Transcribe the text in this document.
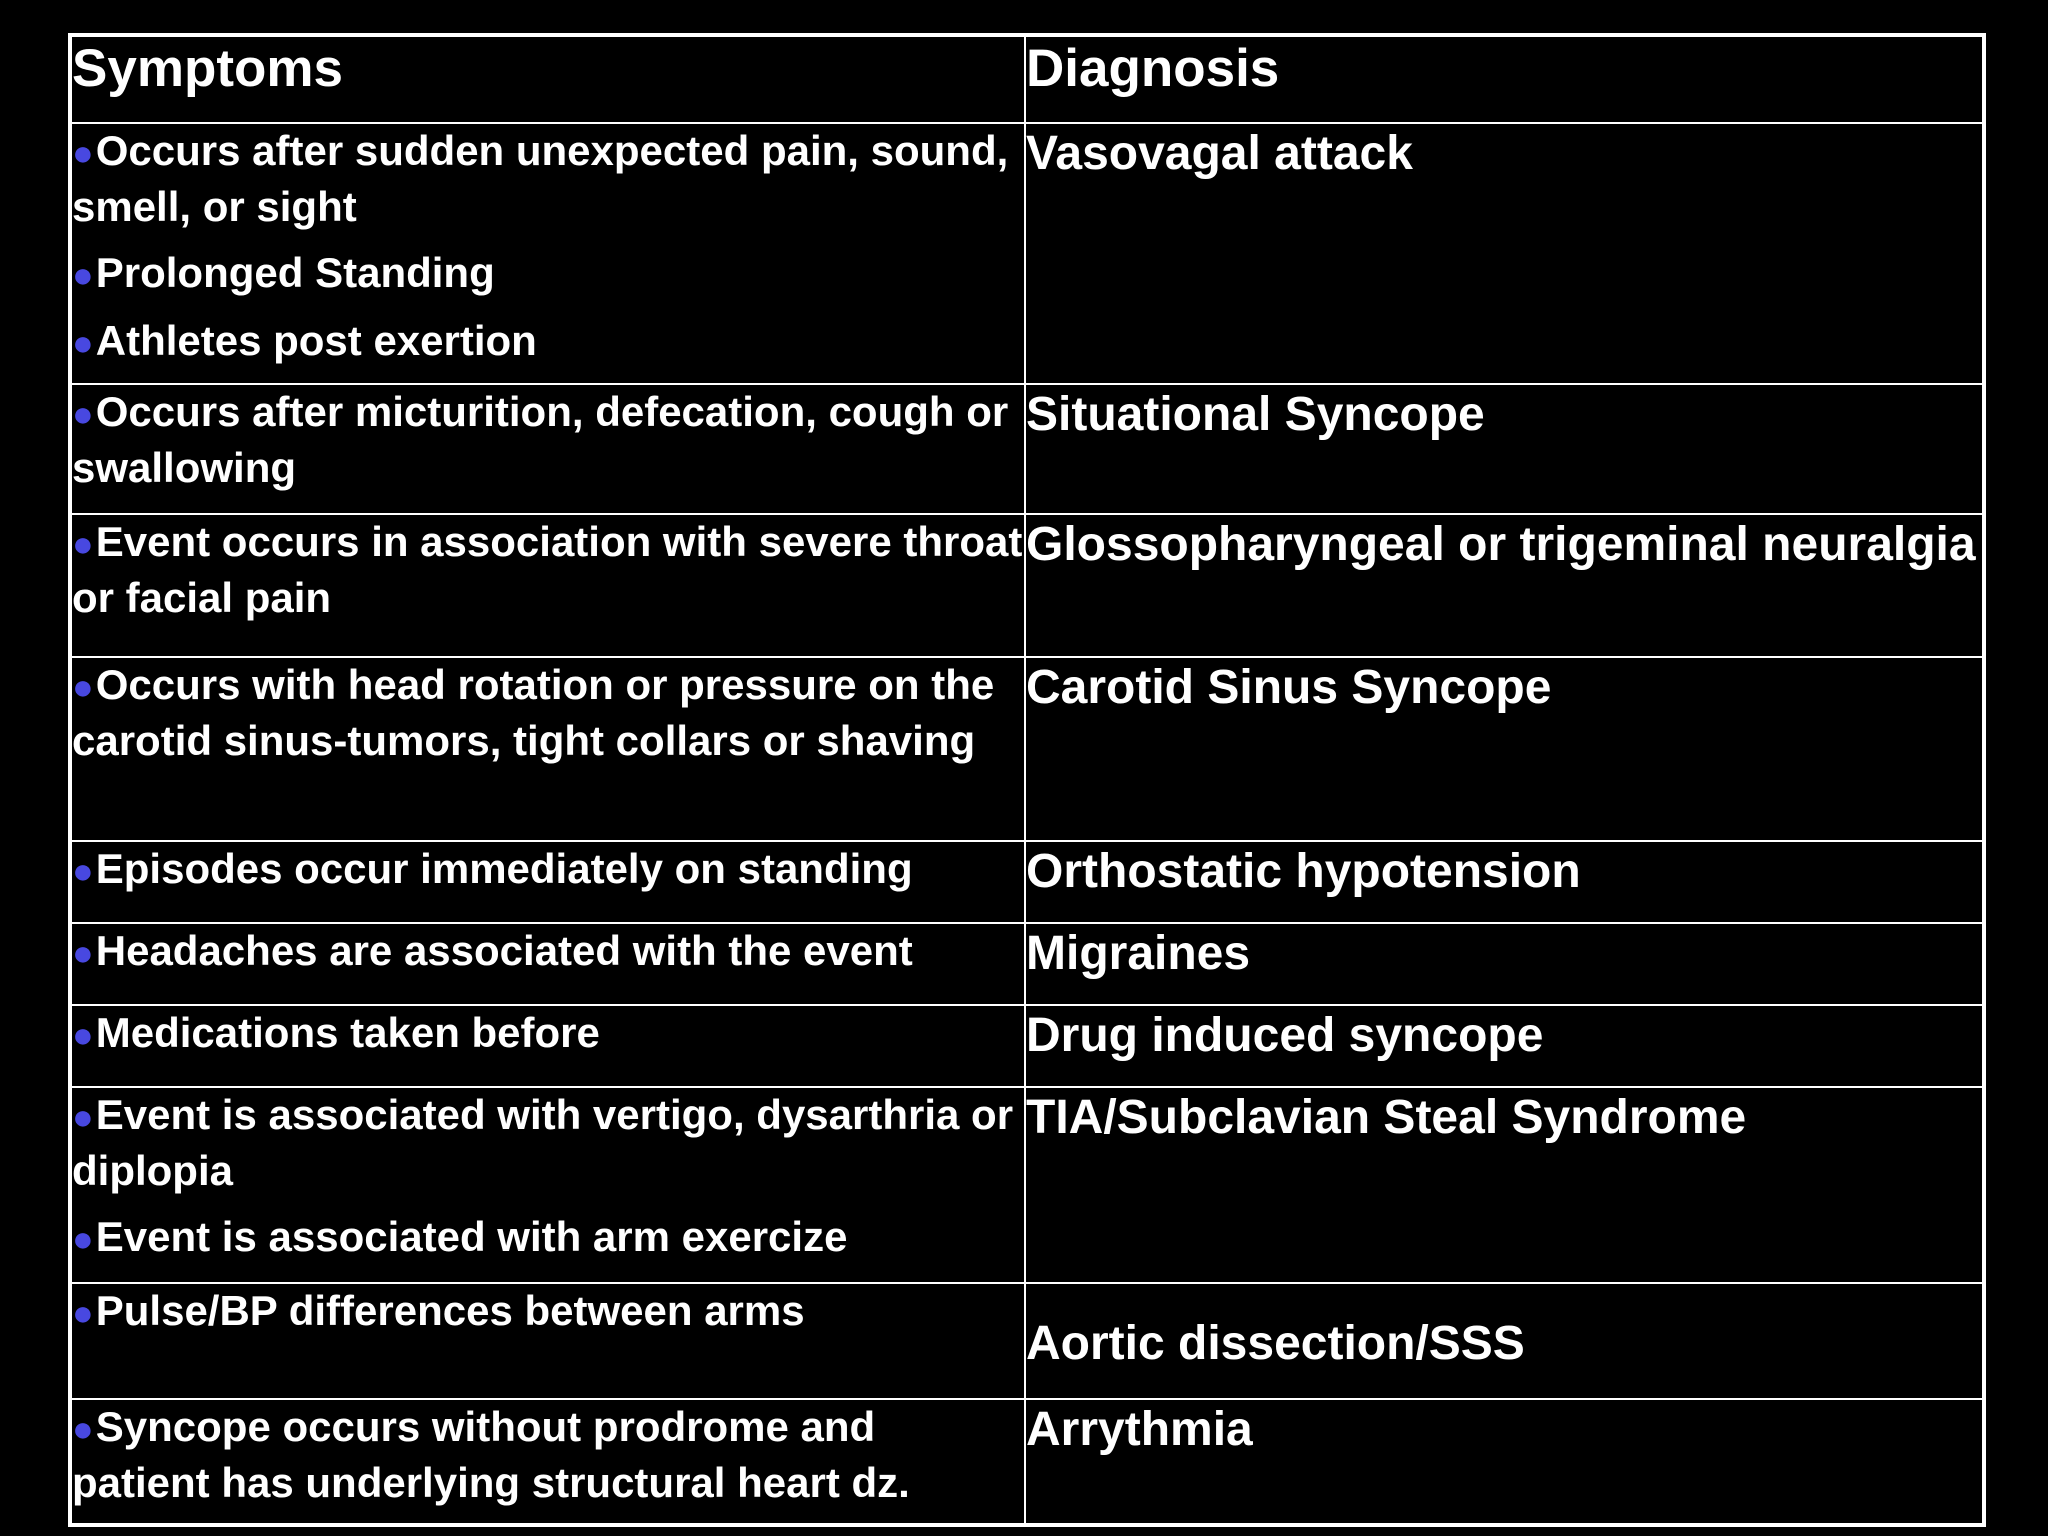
Symptoms	Diagnosis

●Occurs after sudden unexpected pain, sound, smell, or sight
●Prolonged Standing
●Athletes post exertion	Vasovagal attack

●Occurs after micturition, defecation, cough or swallowing	Situational Syncope

●Event occurs in association with severe throat or facial pain	Glossopharyngeal or trigeminal neuralgia

●Occurs with head rotation or pressure on the carotid sinus-tumors, tight collars or shaving	Carotid Sinus Syncope

●Episodes occur immediately on standing	Orthostatic hypotension

●Headaches are associated with the event	Migraines

●Medications taken before	Drug induced syncope

●Event is associated with vertigo, dysarthria or diplopia
●Event is associated with arm exercize	TIA/Subclavian Steal Syndrome

●Pulse/BP differences between arms	Aortic dissection/SSS

●Syncope occurs without prodrome and patient has underlying structural heart dz.	Arrythmia
